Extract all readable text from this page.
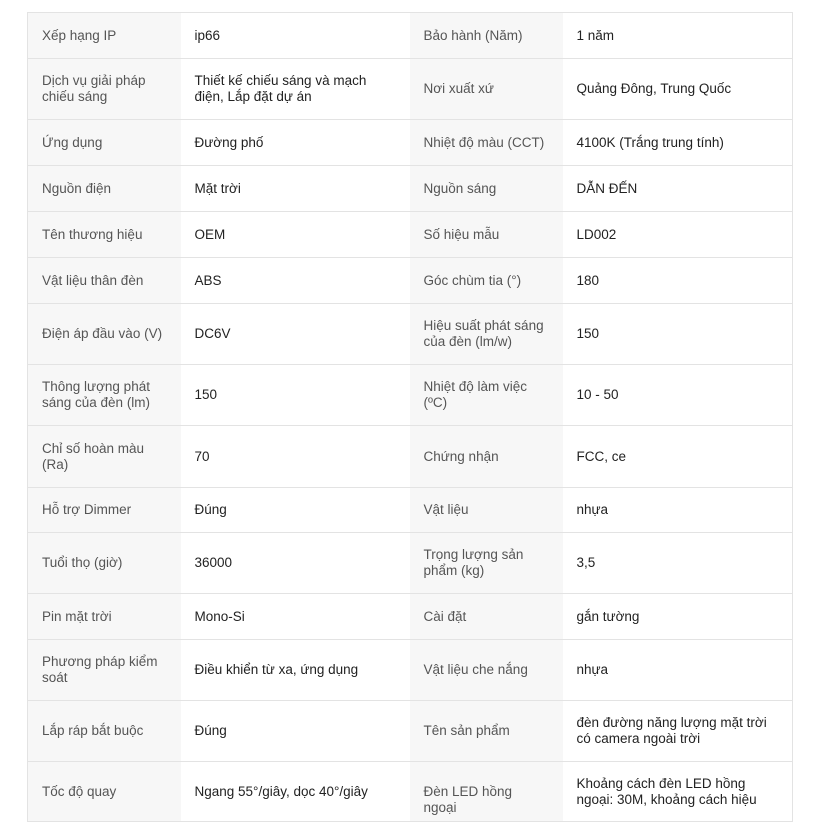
Xếp hạng IP	ip66	Bảo hành (Năm)	1 năm
Dịch vụ giải pháp chiếu sáng	Thiết kế chiếu sáng và mạch điện, Lắp đặt dự án	Nơi xuất xứ	Quảng Đông, Trung Quốc
Ứng dụng	Đường phố	Nhiệt độ màu (CCT)	4100K (Trắng trung tính)
Nguồn điện	Mặt trời	Nguồn sáng	DẪN ĐẾN
Tên thương hiệu	OEM	Số hiệu mẫu	LD002
Vật liệu thân đèn	ABS	Góc chùm tia (°)	180
Điện áp đầu vào (V)	DC6V	Hiệu suất phát sáng của đèn (lm/w)	150
Thông lượng phát sáng của đèn (lm)	150	Nhiệt độ làm việc (ºC)	10 - 50
Chỉ số hoàn màu (Ra)	70	Chứng nhận	FCC, ce
Hỗ trợ Dimmer	Đúng	Vật liệu	nhựa
Tuổi thọ (giờ)	36000	Trọng lượng sản phẩm (kg)	3,5
Pin mặt trời	Mono-Si	Cài đặt	gắn tường
Phương pháp kiểm soát	Điều khiển từ xa, ứng dụng	Vật liệu che nắng	nhựa
Lắp ráp bắt buộc	Đúng	Tên sản phẩm	đèn đường năng lượng mặt trời có camera ngoài trời
Tốc độ quay	Ngang 55°/giây, dọc 40°/giây	Đèn LED hồng ngoại	Khoảng cách đèn LED hồng ngoại: 30M, khoảng cách hiệu
